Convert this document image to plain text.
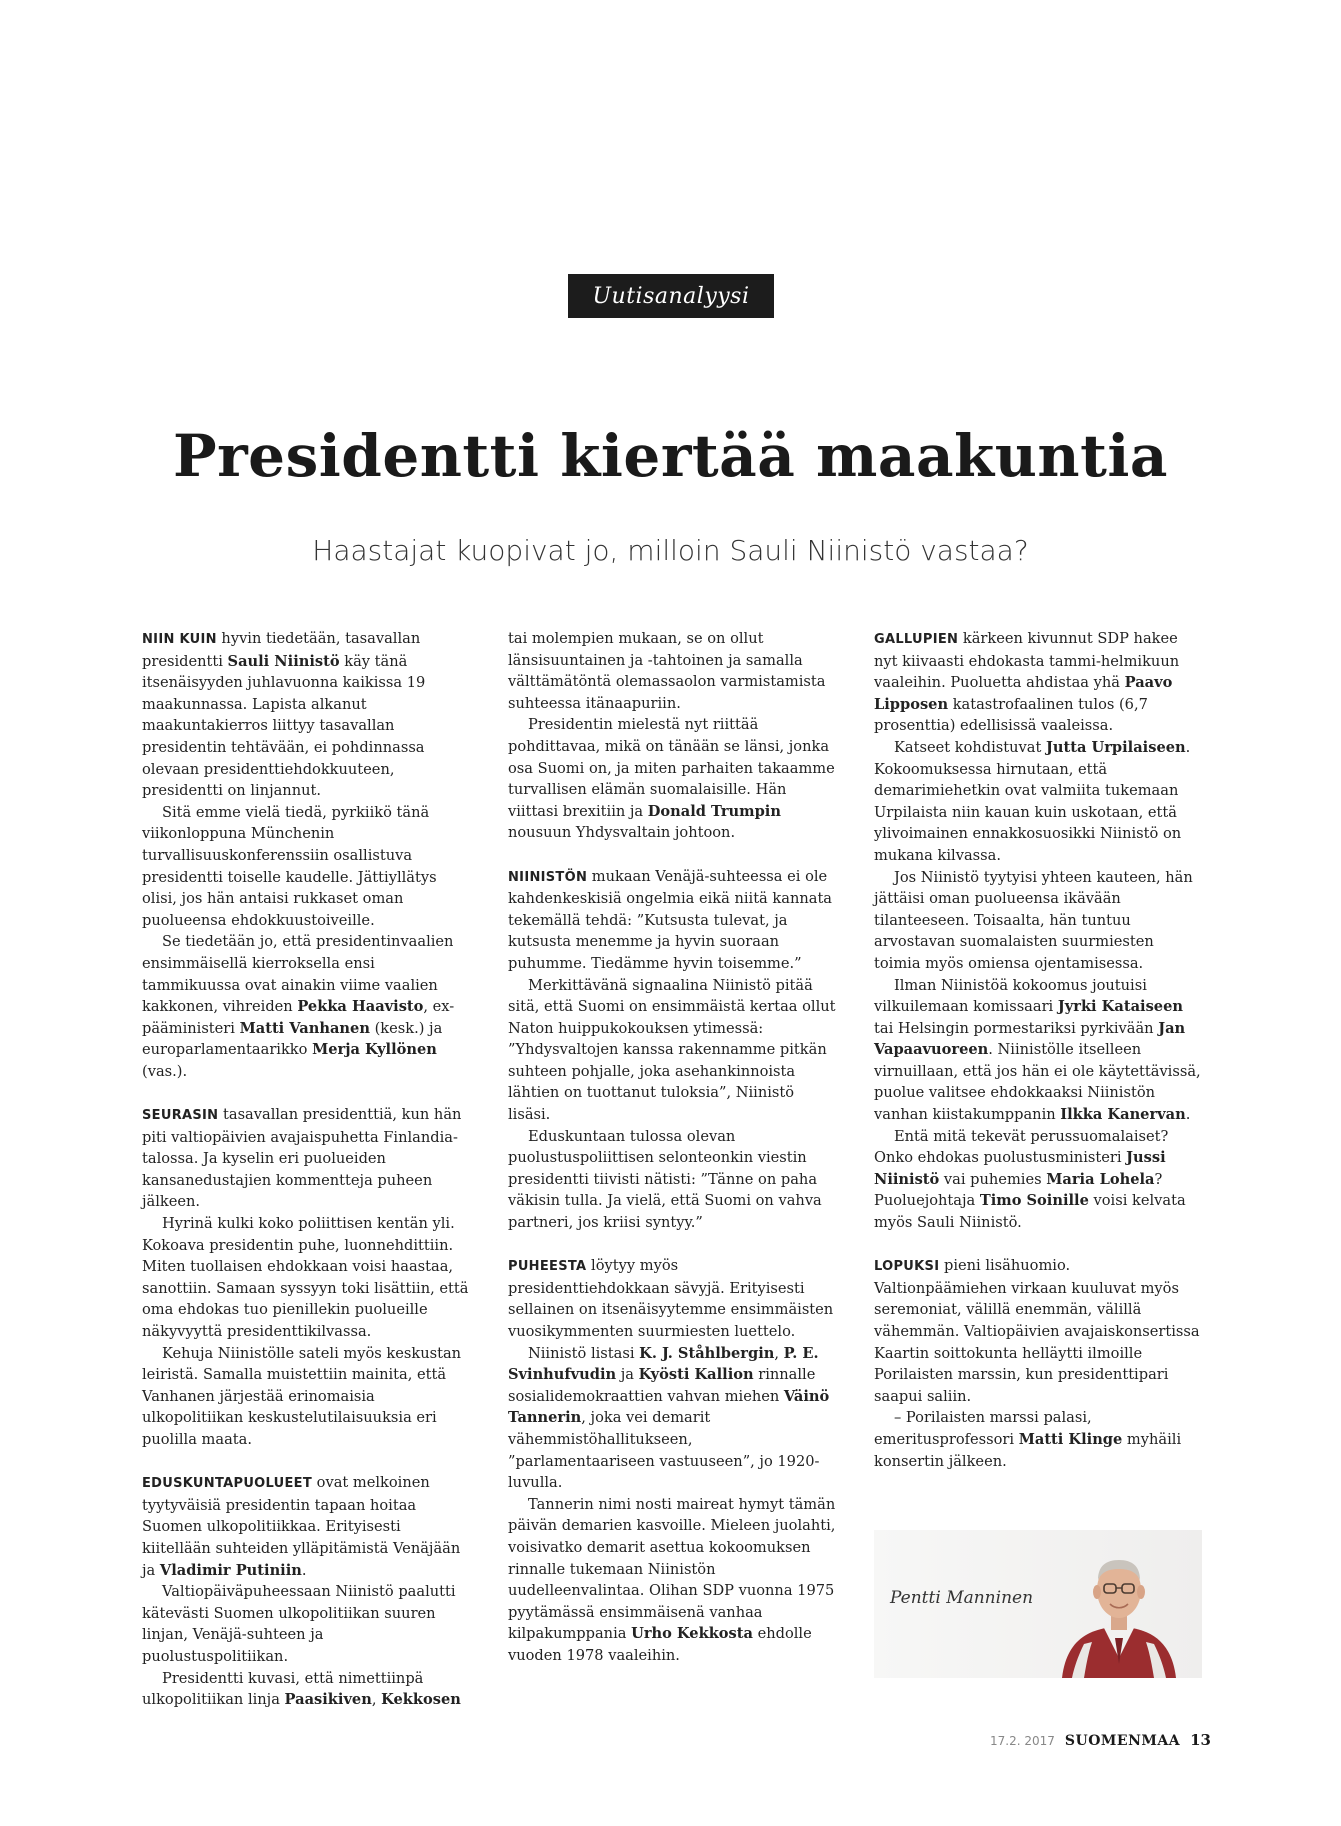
Uutisanalyysi
Presidentti kiertää maakuntia
Haastajat kuopivat jo, milloin Sauli Niinistö vastaa?

NIIN KUIN hyvin tiedetään, tasavallan presidentti Sauli Niinistö käy tänä itsenäisyyden juhlavuonna kaikissa 19 maakunnassa. Lapista alkanut maakuntakierros liittyy tasavallan presidentin tehtävään, ei pohdinnassa olevaan presidenttiehdokkuuteen, presidentti on linjannut.

Sitä emme vielä tiedä, pyrkiikö tänä viikonloppuna Münchenin turvallisuuskonferenssiin osallistuva presidentti toiselle kaudelle. Jättiyllätys olisi, jos hän antaisi rukkaset oman puolueensa ehdokkuustoiveille.

Se tiedetään jo, että presidentinvaalien ensimmäisellä kierroksella ensi tammikuussa ovat ainakin viime vaalien kakkonen, vihreiden Pekka Haavisto, ex-pääministeri Matti Vanhanen (kesk.) ja europarlamentaarikko Merja Kyllönen (vas.).

SEURASIN tasavallan presidenttiä, kun hän piti valtiopäivien avajaispuhetta Finlandia-talossa. Ja kyselin eri puolueiden kansanedustajien kommentteja puheen jälkeen.

Hyrinä kulki koko poliittisen kentän yli. Kokoava presidentin puhe, luonnehdittiin. Miten tuollaisen ehdokkaan voisi haastaa, sanottiin. Samaan syssyyn toki lisättiin, että oma ehdokas tuo pienillekin puolueille näkyvyyttä presidenttikilvassa.

Kehuja Niinistölle sateli myös keskustan leiristä. Samalla muistettiin mainita, että Vanhanen järjestää erinomaisia ulkopolitiikan keskustelutilaisuuksia eri puolilla maata.

EDUSKUNTAPUOLUEET ovat melkoinen tyytyväisiä presidentin tapaan hoitaa Suomen ulkopolitiikkaa. Erityisesti kiitellään suhteiden ylläpitämistä Venäjään ja Vladimir Putiniin.

Valtiopäiväpuheessaan Niinistö paalutti kätevästi Suomen ulkopolitiikan suuren linjan, Venäjä-suhteen ja puolustuspolitiikan.

Presidentti kuvasi, että nimettiinpä ulkopolitiikan linja Paasikiven, Kekkosen

tai molempien mukaan, se on ollut länsisuuntainen ja -tahtoinen ja samalla välttämätöntä olemassaolon varmistamista suhteessa itänaapuriin.

Presidentin mielestä nyt riittää pohdittavaa, mikä on tänään se länsi, jonka osa Suomi on, ja miten parhaiten takaamme turvallisen elämän suomalaisille. Hän viittasi brexitiin ja Donald Trumpin nousuun Yhdysvaltain johtoon.

NIINISTÖN mukaan Venäjä-suhteessa ei ole kahdenkeskisiä ongelmia eikä niitä kannata tekemällä tehdä: ”Kutsusta tulevat, ja kutsusta menemme ja hyvin suoraan puhumme. Tiedämme hyvin toisemme.”

Merkittävänä signaalina Niinistö pitää sitä, että Suomi on ensimmäistä kertaa ollut Naton huippukokouksen ytimessä: ”Yhdysvaltojen kanssa rakennamme pitkän suhteen pohjalle, joka asehankinnoista lähtien on tuottanut tuloksia”, Niinistö lisäsi.

Eduskuntaan tulossa olevan puolustuspoliittisen selonteonkin viestin presidentti tiivisti nätisti: ”Tänne on paha väkisin tulla. Ja vielä, että Suomi on vahva partneri, jos kriisi syntyy.”

PUHEESTA löytyy myös presidenttiehdokkaan sävyjä. Erityisesti sellainen on itsenäisyytemme ensimmäisten vuosikymmenten suurmiesten luettelo.

Niinistö listasi K. J. Ståhlbergin, P. E. Svinhufvudin ja Kyösti Kallion rinnalle sosialidemokraattien vahvan miehen Väinö Tannerin, joka vei demarit vähemmistöhallitukseen, ”parlamentaariseen vastuuseen”, jo 1920-luvulla.

Tannerin nimi nosti maireat hymyt tämän päivän demarien kasvoille. Mieleen juolahti, voisivatko demarit asettua kokoomuksen rinnalle tukemaan Niinistön uudelleenvalintaa. Olihan SDP vuonna 1975 pyytämässä ensimmäisenä vanhaa kilpakumppania Urho Kekkosta ehdolle vuoden 1978 vaaleihin.

GALLUPIEN kärkeen kivunnut SDP hakee nyt kiivaasti ehdokasta tammi-helmikuun vaaleihin. Puoluetta ahdistaa yhä Paavo Lipposen katastrofaalinen tulos (6,7 prosenttia) edellisissä vaaleissa.

Katseet kohdistuvat Jutta Urpilaiseen. Kokoomuksessa hirnutaan, että demarimiehetkin ovat valmiita tukemaan Urpilaista niin kauan kuin uskotaan, että ylivoimainen ennakkosuosikki Niinistö on mukana kilvassa.

Jos Niinistö tyytyisi yhteen kauteen, hän jättäisi oman puolueensa ikävään tilanteeseen. Toisaalta, hän tuntuu arvostavan suomalaisten suurmiesten toimia myös omiensa ojentamisessa.

Ilman Niinistöä kokoomus joutuisi vilkuilemaan komissaari Jyrki Kataiseen tai Helsingin pormestariksi pyrkivään Jan Vapaavuoreen. Niinistölle itselleen virnuillaan, että jos hän ei ole käytettävissä, puolue valitsee ehdokkaaksi Niinistön vanhan kiistakumppanin Ilkka Kanervan.

Entä mitä tekevät perussuomalaiset? Onko ehdokas puolustusministeri Jussi Niinistö vai puhemies Maria Lohela? Puoluejohtaja Timo Soinille voisi kelvata myös Sauli Niinistö.

LOPUKSI pieni lisähuomio. Valtionpäämiehen virkaan kuuluvat myös seremoniat, välillä enemmän, välillä vähemmän. Valtiopäivien avajaiskonsertissa Kaartin soittokunta helläytti ilmoille Porilaisten marssin, kun presidenttipari saapui saliin.

– Porilaisten marssi palasi, emeritusprofessori Matti Klinge myhäili konsertin jälkeen.

Pentti Manninen
17.2. 2017 SUOMENMAA 13
